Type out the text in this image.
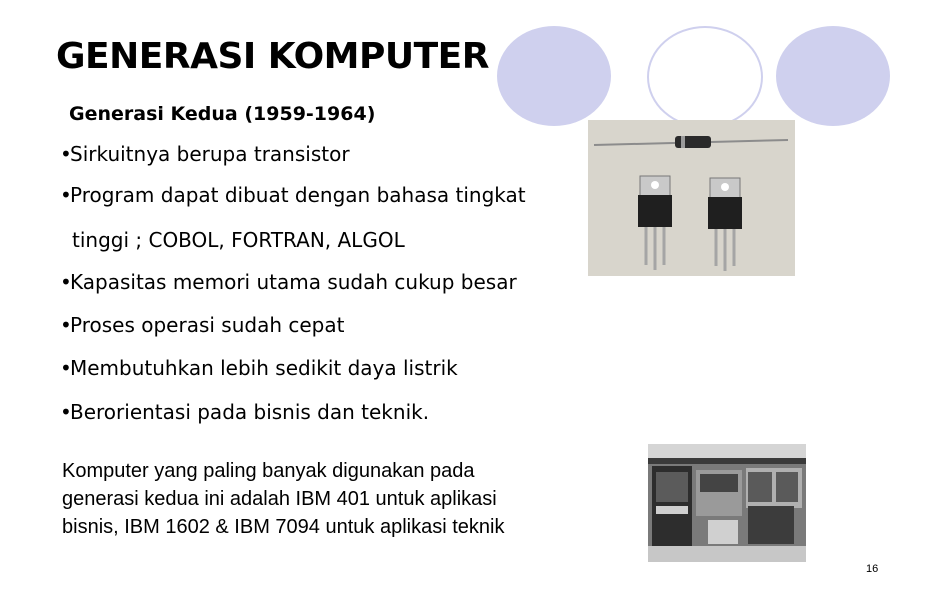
GENERASI KOMPUTER
Generasi Kedua (1959-1964)
•Sirkuitnya berupa transistor
•Program dapat dibuat dengan bahasa tingkat
tinggi ; COBOL, FORTRAN, ALGOL
•Kapasitas memori utama sudah cukup besar
•Proses operasi sudah cepat
•Membutuhkan lebih sedikit daya listrik
•Berorientasi pada bisnis dan teknik.
Komputer yang paling banyak digunakan pada
generasi kedua ini adalah IBM 401 untuk aplikasi
bisnis, IBM 1602 & IBM 7094 untuk aplikasi teknik
16
